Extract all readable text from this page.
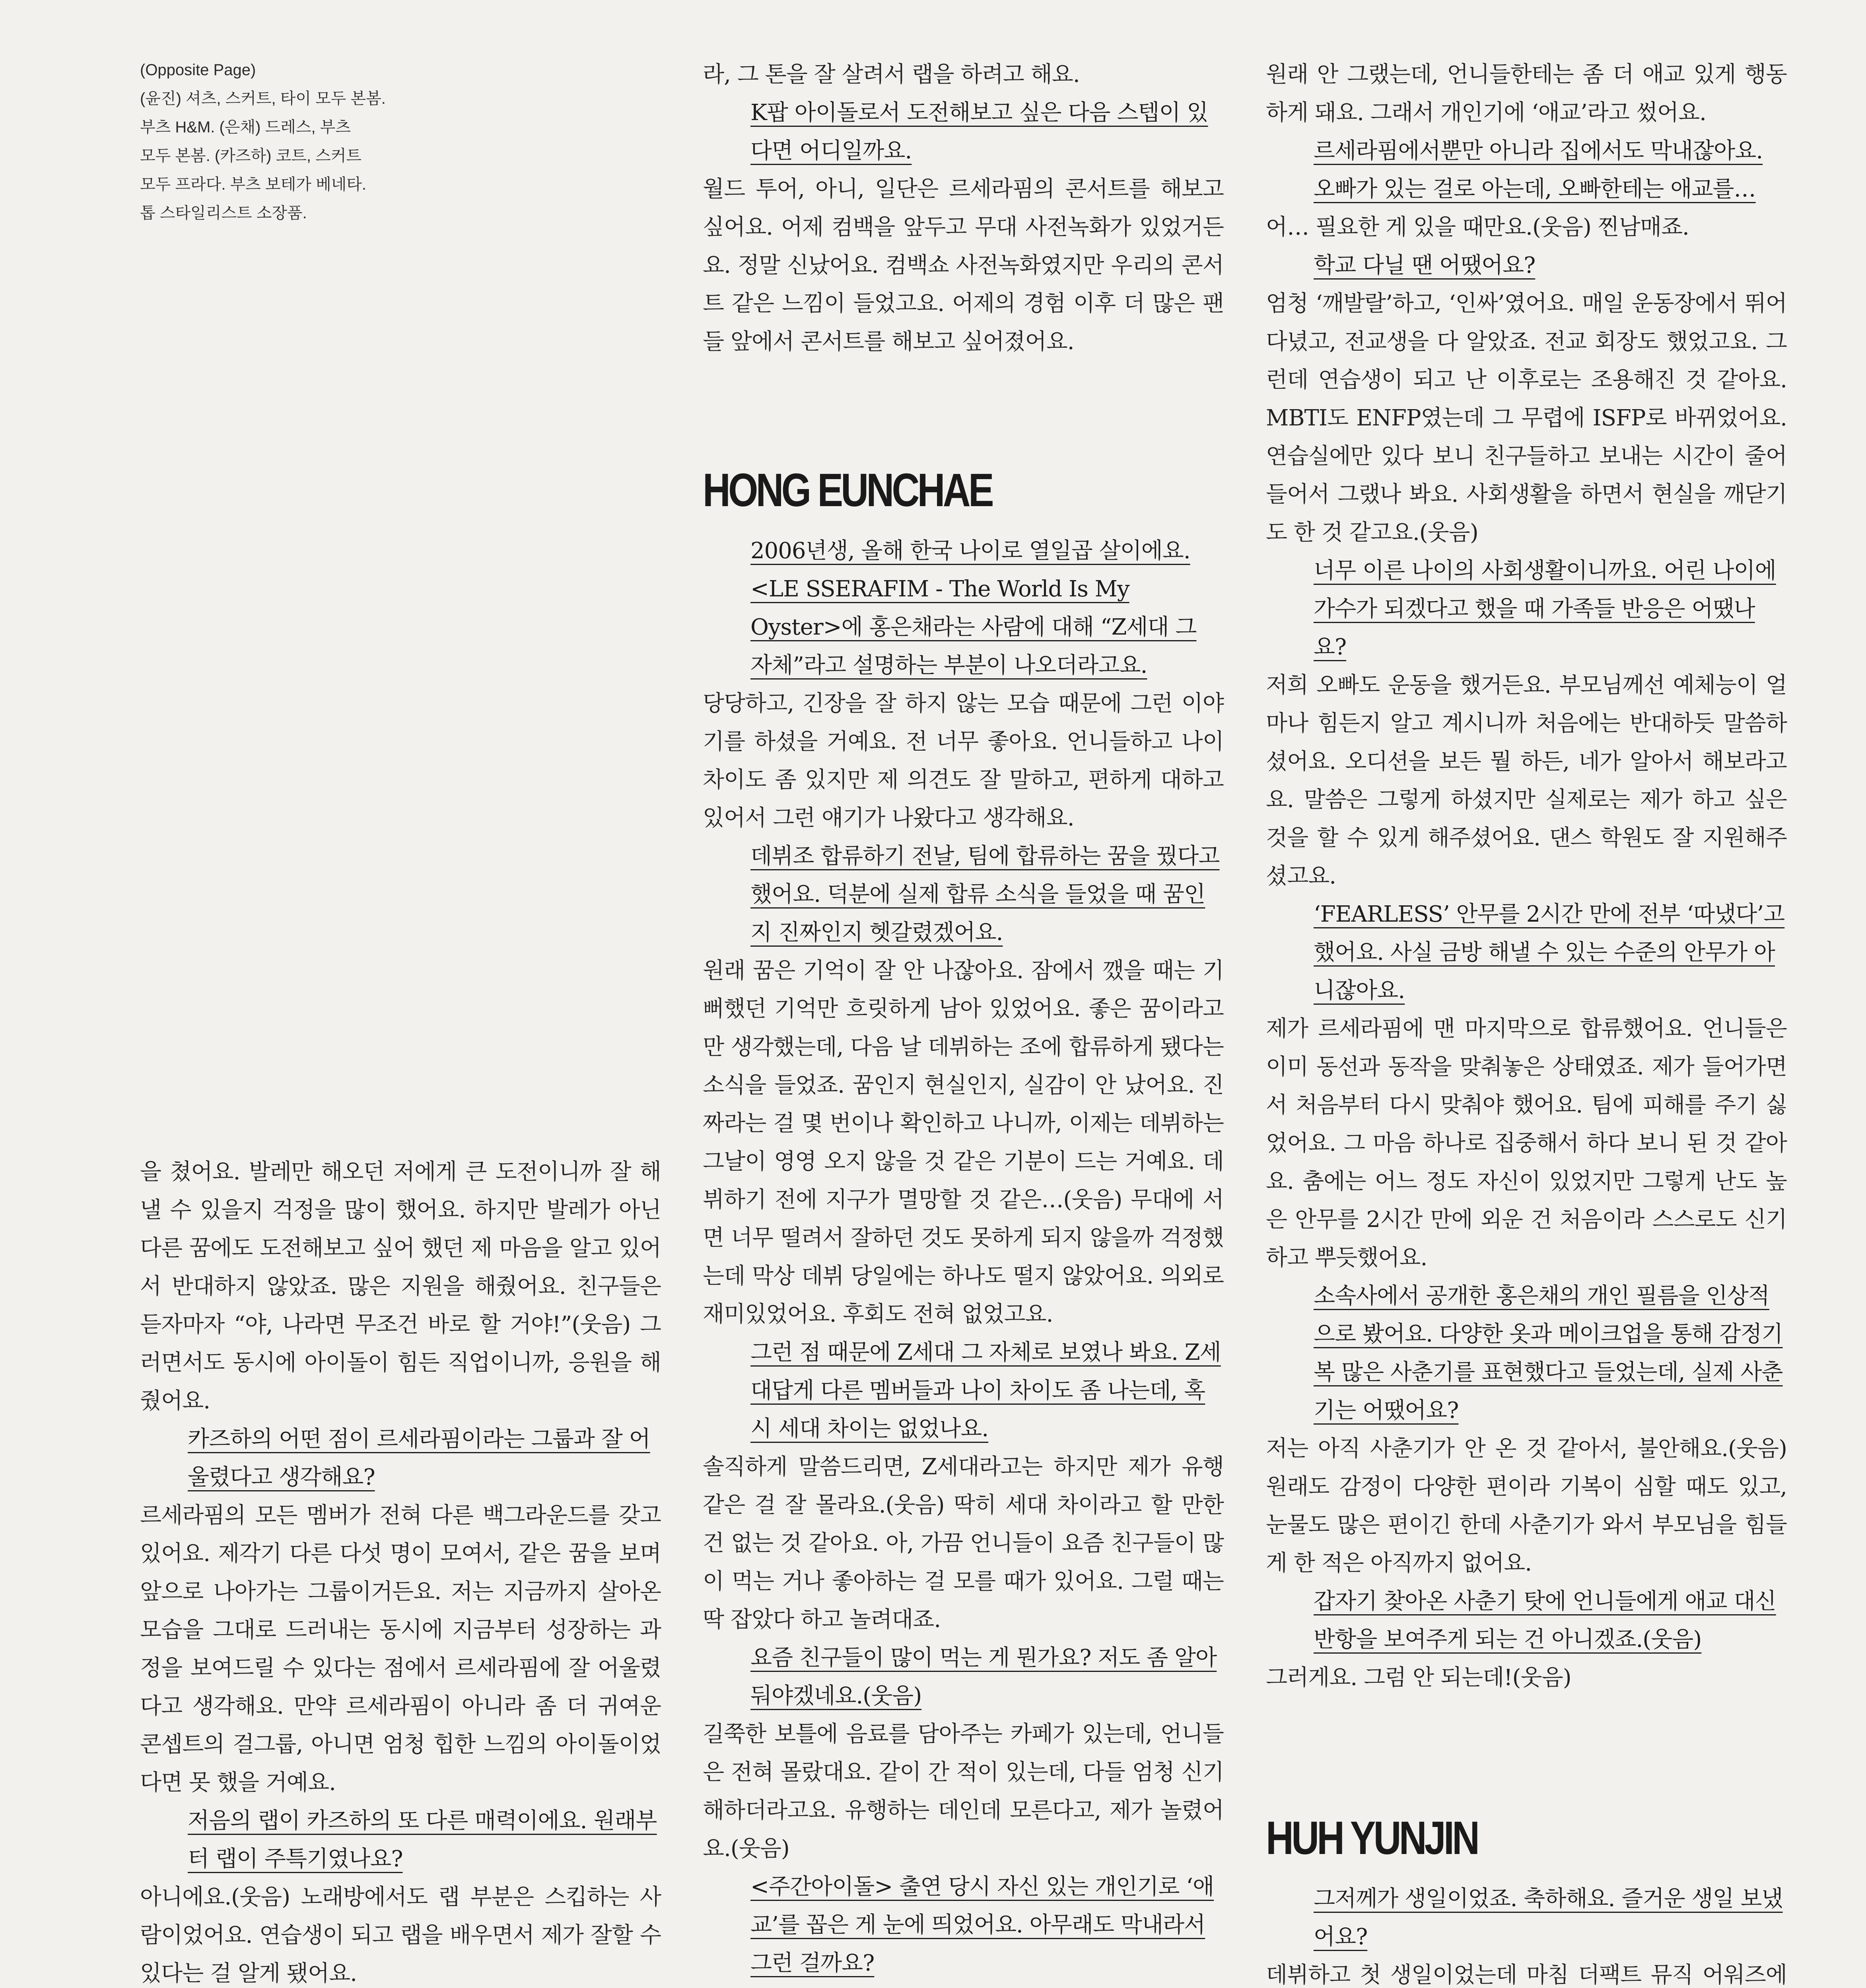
(Opposite Page)
(윤진) 셔츠, 스커트, 타이 모두 본봄.
부츠 H&M. (은채) 드레스, 부츠
모두 본봄. (카즈하) 코트, 스커트
모두 프라다. 부츠 보테가 베네타.
톱 스타일리스트 소장품.

을 쳤어요. 발레만 해오던 저에게 큰 도전이니까 잘 해낼 수 있을지 걱정을 많이 했어요. 하지만 발레가 아닌 다른 꿈에도 도전해보고 싶어 했던 제 마음을 알고 있어서 반대하지 않았죠. 많은 지원을 해줬어요. 친구들은 듣자마자 “야, 나라면 무조건 바로 할 거야!”(웃음) 그러면서도 동시에 아이돌이 힘든 직업이니까, 응원을 해줬어요.

카즈하의 어떤 점이 르세라핌이라는 그룹과 잘 어울렸다고 생각해요?

르세라핌의 모든 멤버가 전혀 다른 백그라운드를 갖고 있어요. 제각기 다른 다섯 명이 모여서, 같은 꿈을 보며 앞으로 나아가는 그룹이거든요. 저는 지금까지 살아온 모습을 그대로 드러내는 동시에 지금부터 성장하는 과정을 보여드릴 수 있다는 점에서 르세라핌에 잘 어울렸다고 생각해요. 만약 르세라핌이 아니라 좀 더 귀여운 콘셉트의 걸그룹, 아니면 엄청 힙한 느낌의 아이돌이었다면 못 했을 거예요.

저음의 랩이 카즈하의 또 다른 매력이에요. 원래부터 랩이 주특기였나요?

아니에요.(웃음) 노래방에서도 랩 부분은 스킵하는 사람이었어요. 연습생이 되고 랩을 배우면서 제가 잘할 수 있다는 걸 알게 됐어요.

라, 그 톤을 잘 살려서 랩을 하려고 해요.

K팝 아이돌로서 도전해보고 싶은 다음 스텝이 있다면 어디일까요.

월드 투어, 아니, 일단은 르세라핌의 콘서트를 해보고 싶어요. 어제 컴백을 앞두고 무대 사전녹화가 있었거든요. 정말 신났어요. 컴백쇼 사전녹화였지만 우리의 콘서트 같은 느낌이 들었고요. 어제의 경험 이후 더 많은 팬들 앞에서 콘서트를 해보고 싶어졌어요.

HONG EUNCHAE

2006년생, 올해 한국 나이로 열일곱 살이에요. <LE SSERAFIM - The World Is My Oyster>에 홍은채라는 사람에 대해 “Z세대 그 자체”라고 설명하는 부분이 나오더라고요.

당당하고, 긴장을 잘 하지 않는 모습 때문에 그런 이야기를 하셨을 거예요. 전 너무 좋아요. 언니들하고 나이 차이도 좀 있지만 제 의견도 잘 말하고, 편하게 대하고 있어서 그런 얘기가 나왔다고 생각해요.

데뷔조 합류하기 전날, 팀에 합류하는 꿈을 꿨다고 했어요. 덕분에 실제 합류 소식을 들었을 때 꿈인지 진짜인지 헷갈렸겠어요.

원래 꿈은 기억이 잘 안 나잖아요. 잠에서 깼을 때는 기뻐했던 기억만 흐릿하게 남아 있었어요. 좋은 꿈이라고만 생각했는데, 다음 날 데뷔하는 조에 합류하게 됐다는 소식을 들었죠. 꿈인지 현실인지, 실감이 안 났어요. 진짜라는 걸 몇 번이나 확인하고 나니까, 이제는 데뷔하는 그날이 영영 오지 않을 것 같은 기분이 드는 거예요. 데뷔하기 전에 지구가 멸망할 것 같은…(웃음) 무대에 서면 너무 떨려서 잘하던 것도 못하게 되지 않을까 걱정했는데 막상 데뷔 당일에는 하나도 떨지 않았어요. 의외로 재미있었어요. 후회도 전혀 없었고요.

그런 점 때문에 Z세대 그 자체로 보였나 봐요. Z세대답게 다른 멤버들과 나이 차이도 좀 나는데, 혹시 세대 차이는 없었나요.

솔직하게 말씀드리면, Z세대라고는 하지만 제가 유행 같은 걸 잘 몰라요.(웃음) 딱히 세대 차이라고 할 만한 건 없는 것 같아요. 아, 가끔 언니들이 요즘 친구들이 많이 먹는 거나 좋아하는 걸 모를 때가 있어요. 그럴 때는 딱 잡았다 하고 놀려대죠.

요즘 친구들이 많이 먹는 게 뭔가요? 저도 좀 알아둬야겠네요.(웃음)

길쭉한 보틀에 음료를 담아주는 카페가 있는데, 언니들은 전혀 몰랐대요. 같이 간 적이 있는데, 다들 엄청 신기해하더라고요. 유행하는 데인데 모른다고, 제가 놀렸어요.(웃음)

<주간아이돌> 출연 당시 자신 있는 개인기로 ‘애교’를 꼽은 게 눈에 띄었어요. 아무래도 막내라서 그런 걸까요?

원래 안 그랬는데, 언니들한테는 좀 더 애교 있게 행동하게 돼요. 그래서 개인기에 ‘애교’라고 썼어요.

르세라핌에서뿐만 아니라 집에서도 막내잖아요. 오빠가 있는 걸로 아는데, 오빠한테는 애교를…

어… 필요한 게 있을 때만요.(웃음) 찐남매죠.

학교 다닐 땐 어땠어요?

엄청 ‘깨발랄’하고, ‘인싸’였어요. 매일 운동장에서 뛰어다녔고, 전교생을 다 알았죠. 전교 회장도 했었고요. 그런데 연습생이 되고 난 이후로는 조용해진 것 같아요. MBTI도 ENFP였는데 그 무렵에 ISFP로 바뀌었어요. 연습실에만 있다 보니 친구들하고 보내는 시간이 줄어들어서 그랬나 봐요. 사회생활을 하면서 현실을 깨닫기도 한 것 같고요.(웃음)

너무 이른 나이의 사회생활이니까요. 어린 나이에 가수가 되겠다고 했을 때 가족들 반응은 어땠나요?

저희 오빠도 운동을 했거든요. 부모님께선 예체능이 얼마나 힘든지 알고 계시니까 처음에는 반대하듯 말씀하셨어요. 오디션을 보든 뭘 하든, 네가 알아서 해보라고요. 말씀은 그렇게 하셨지만 실제로는 제가 하고 싶은 것을 할 수 있게 해주셨어요. 댄스 학원도 잘 지원해주셨고요.

‘FEARLESS’ 안무를 2시간 만에 전부 ‘따냈다’고 했어요. 사실 금방 해낼 수 있는 수준의 안무가 아니잖아요.

제가 르세라핌에 맨 마지막으로 합류했어요. 언니들은 이미 동선과 동작을 맞춰놓은 상태였죠. 제가 들어가면서 처음부터 다시 맞춰야 했어요. 팀에 피해를 주기 싫었어요. 그 마음 하나로 집중해서 하다 보니 된 것 같아요. 춤에는 어느 정도 자신이 있었지만 그렇게 난도 높은 안무를 2시간 만에 외운 건 처음이라 스스로도 신기하고 뿌듯했어요.

소속사에서 공개한 홍은채의 개인 필름을 인상적으로 봤어요. 다양한 옷과 메이크업을 통해 감정기복 많은 사춘기를 표현했다고 들었는데, 실제 사춘기는 어땠어요?

저는 아직 사춘기가 안 온 것 같아서, 불안해요.(웃음) 원래도 감정이 다양한 편이라 기복이 심할 때도 있고, 눈물도 많은 편이긴 한데 사춘기가 와서 부모님을 힘들게 한 적은 아직까지 없어요.

갑자기 찾아온 사춘기 탓에 언니들에게 애교 대신 반항을 보여주게 되는 건 아니겠죠.(웃음)

그러게요. 그럼 안 되는데!(웃음)

HUH YUNJIN

그저께가 생일이었죠. 축하해요. 즐거운 생일 보냈어요?

데뷔하고 첫 생일이었는데 마침 더팩트 뮤직 어워즈에
